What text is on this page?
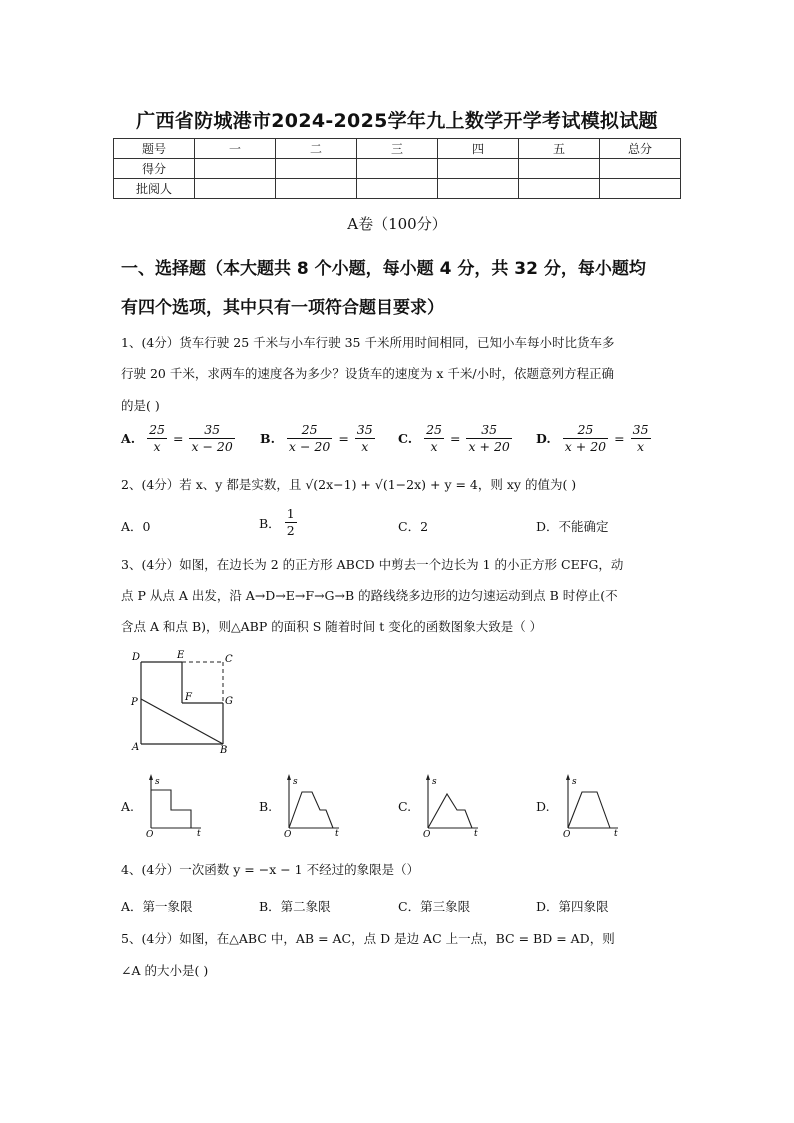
广西省防城港市2024-2025学年九上数学开学考试模拟试题
题号	一	二	三	四	五	总分
得分						
批阅人						
A卷（100分）
一、选择题（本大题共 8 个小题，每小题 4 分，共 32 分，每小题均
有四个选项，其中只有一项符合题目要求）
1、(4分）货车行驶 25 千米与小车行驶 35 千米所用时间相同，已知小车每小时比货车多
行驶 20 千米，求两车的速度各为多少？设货车的速度为 x 千米/小时，依题意列方程正确
的是( )
A. $\frac{25}{x} = \frac{35}{x - 20} B$. $\frac{25}{x - 20} = \frac{35}{x} C$. $\frac{25}{x} = \frac{35}{x + 20} D$. $\frac{25}{x + 20} = \frac{35}{x}$
2、(4分）若 x、y 都是实数，且 √(2x−1) + √(1−2x) + y = 4，则 xy 的值为( )
A．0	B． $\frac{1}{2}$	C．2	D．不能确定
3、(4分）如图，在边长为 2 的正方形 ABCD 中剪去一个边长为 1 的小正方形 CEFG，动
点 P 从点 A 出发，沿 A→D→E→F→G→B 的路线绕多边形的边匀速运动到点 B 时停止(不
含点 A 和点 B)，则△ABP 的面积 S 随着时间 t 变化的函数图象大致是（ ）
D	E	C
P	F	G
A	B
A.
s
O	t
B.
s
O	t
C.
s
O	t
D.
s
O	t
4、(4分）一次函数 y = −x − 1 不经过的象限是（）
A．第一象限	B．第二象限	C．第三象限	D．第四象限
5、(4分）如图，在△ABC 中，AB = AC，点 D 是边 AC 上一点，BC = BD = AD，则
∠A 的大小是( )
